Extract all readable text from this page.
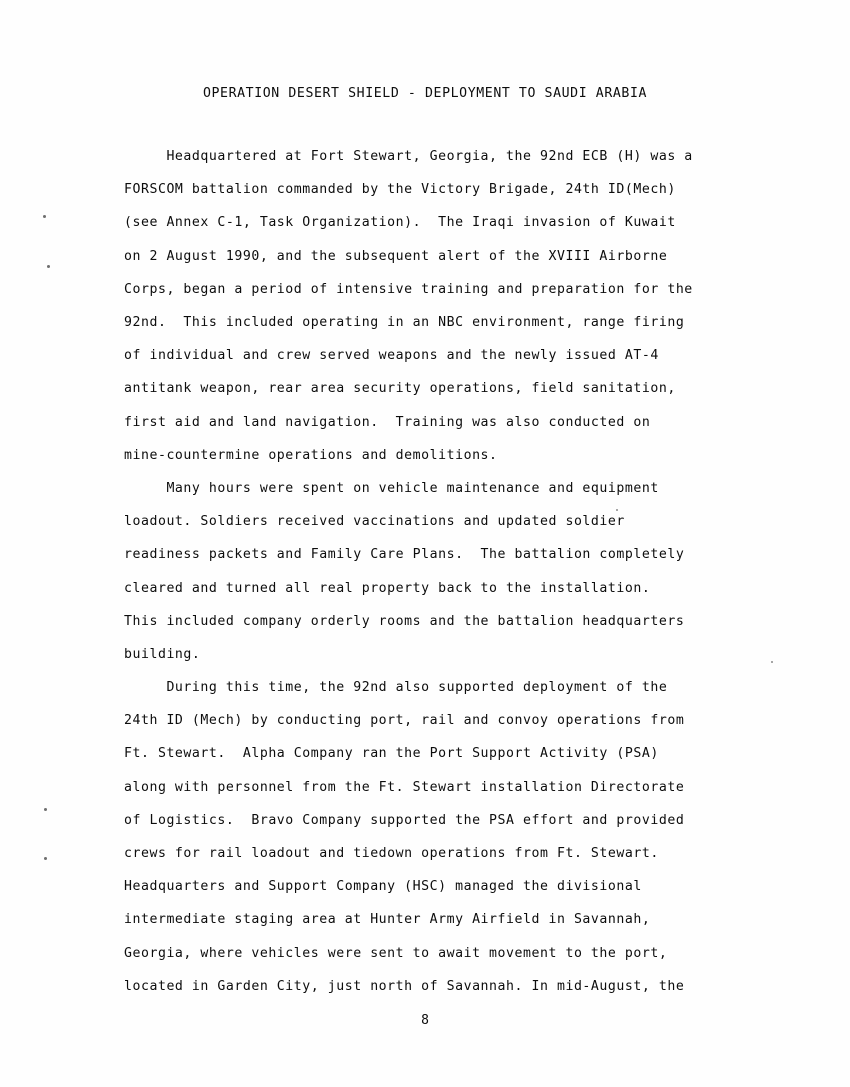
OPERATION DESERT SHIELD - DEPLOYMENT TO SAUDI ARABIA
Headquartered at Fort Stewart, Georgia, the 92nd ECB (H) was a
FORSCOM battalion commanded by the Victory Brigade, 24th ID(Mech)
(see Annex C-1, Task Organization).  The Iraqi invasion of Kuwait
on 2 August 1990, and the subsequent alert of the XVIII Airborne
Corps, began a period of intensive training and preparation for the
92nd.  This included operating in an NBC environment, range firing
of individual and crew served weapons and the newly issued AT-4
antitank weapon, rear area security operations, field sanitation,
first aid and land navigation.  Training was also conducted on
mine-countermine operations and demolitions.
Many hours were spent on vehicle maintenance and equipment
loadout. Soldiers received vaccinations and updated soldier
readiness packets and Family Care Plans.  The battalion completely
cleared and turned all real property back to the installation.
This included company orderly rooms and the battalion headquarters
building.
During this time, the 92nd also supported deployment of the
24th ID (Mech) by conducting port, rail and convoy operations from
Ft. Stewart.  Alpha Company ran the Port Support Activity (PSA)
along with personnel from the Ft. Stewart installation Directorate
of Logistics.  Bravo Company supported the PSA effort and provided
crews for rail loadout and tiedown operations from Ft. Stewart.
Headquarters and Support Company (HSC) managed the divisional
intermediate staging area at Hunter Army Airfield in Savannah,
Georgia, where vehicles were sent to await movement to the port,
located in Garden City, just north of Savannah. In mid-August, the
8
